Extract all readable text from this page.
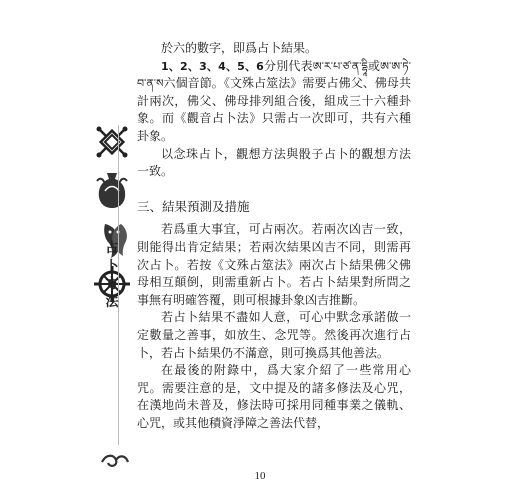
占卜方法

於六的數字，即爲占卜結果。

1、2、3、4、5、6分別代表ཨ་ར་པ་ཙ་ན་དྷཱི或ཨ་ཨ་ཏེ་བ་ན་ས六個音節。《文殊占筮法》需要占佛父、佛母共計兩次，佛父、佛母排列組合後，組成三十六種卦象。而《觀音占卜法》只需占一次即可，共有六種卦象。

以念珠占卜，觀想方法與骰子占卜的觀想方法一致。

三、結果預測及措施

若爲重大事宜，可占兩次。若兩次凶吉一致，則能得出肯定結果；若兩次結果凶吉不同，則需再次占卜。若按《文殊占筮法》兩次占卜結果佛父佛母相互顛倒，則需重新占卜。若占卜結果對所問之事無有明確答覆，則可根據卦象凶吉推斷。

若占卜結果不盡如人意，可心中默念承諾做一定數量之善事，如放生、念咒等。然後再次進行占卜，若占卜結果仍不滿意，則可換爲其他善法。

在最後的附錄中，爲大家介紹了一些常用心咒。需要注意的是，文中提及的諸多修法及心咒，在漢地尚未普及，修法時可採用同種事業之儀軌、心咒，或其他積資淨障之善法代替，

10
